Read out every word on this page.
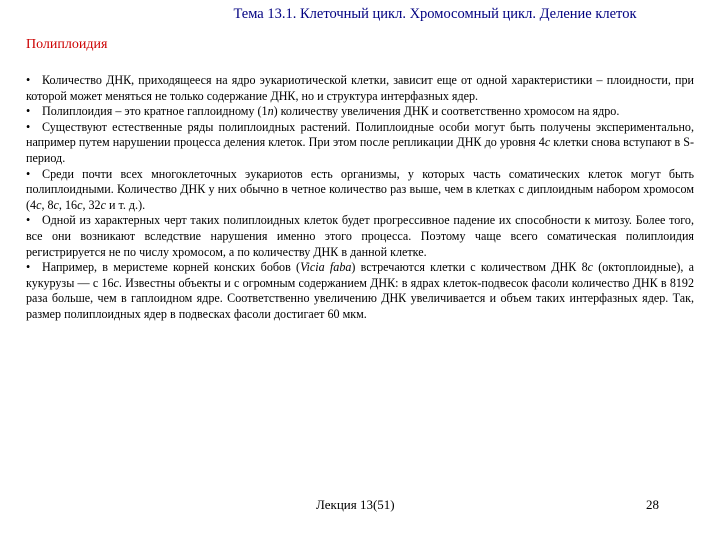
Тема 13.1. Клеточный цикл. Хромосомный цикл. Деление клеток
Полиплоидия

• Количество ДНК, приходящееся на ядро эукариотической клетки, зависит еще от одной характеристики – плоидности, при которой может меняться не только содержание ДНК, но и структура интерфазных ядер.

• Полиплоидия – это кратное гаплоидному (1n) количеству увеличения ДНК и соответственно хромосом на ядро.

• Существуют естественные ряды полиплоидных растений. Полиплоидные особи могут быть получены экспериментально, например путем нарушении процесса деления клеток. При этом после репликации ДНК до уровня 4с клетки снова вступают в S-период.

• Среди почти всех многоклеточных эукариотов есть организмы, у которых часть соматических клеток могут быть полиплоидными. Количество ДНК у них обычно в четное количество раз выше, чем в клетках с диплоидным набором хромосом (4с, 8с, 16с, 32с и т. д.).

• Одной из характерных черт таких полиплоидных клеток будет прогрессивное падение их способности к митозу. Более того, все они возникают вследствие нарушения именно этого процесса. Поэтому чаще всего соматическая полиплоидия регистрируется не по числу хромосом, а по количеству ДНК в данной клетке.

• Например, в меристеме корней конских бобов (Vicia faba) встречаются клетки с количеством ДНК 8с (октоплоидные), а кукурузы — с 16с. Известны объекты и с огромным содержанием ДНК: в ядрах клеток-подвесок фасоли количество ДНК в 8192 раза больше, чем в гаплоидном ядре. Соответственно увеличению ДНК увеличивается и объем таких интерфазных ядер. Так, размер полиплоидных ядер в подвесках фасоли достигает 60 мкм.

Лекция 13(51)	28
